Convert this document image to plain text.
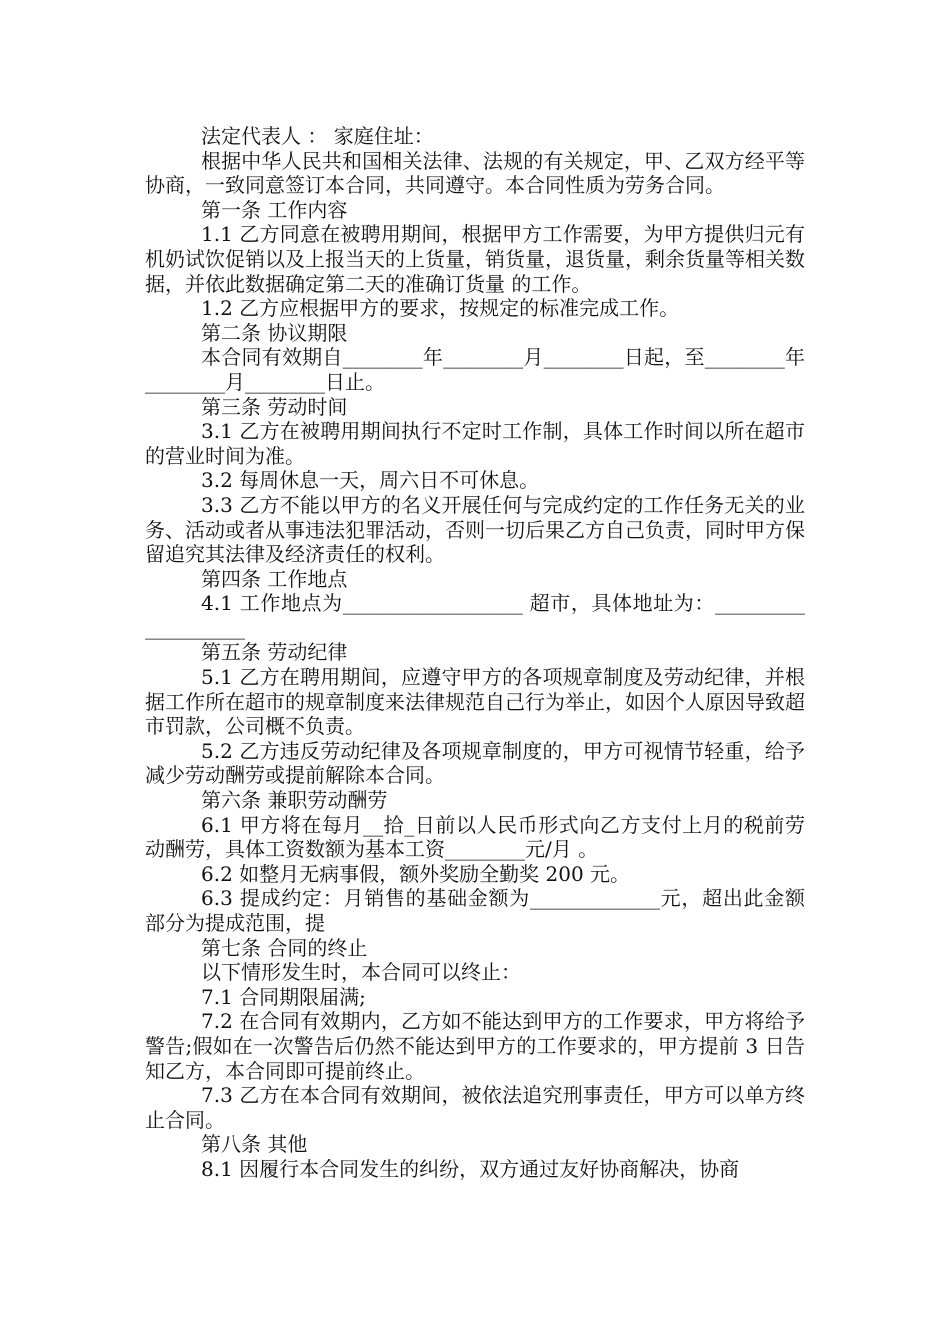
法定代表人 ： 家庭住址：

根据中华人民共和国相关法律、法规的有关规定，甲、乙双方经平等协商，一致同意签订本合同，共同遵守。本合同性质为劳务合同。

第一条 工作内容

1.1 乙方同意在被聘用期间，根据甲方工作需要，为甲方提供归元有机奶试饮促销以及上报当天的上货量，销货量，退货量，剩余货量等相关数据，并依此数据确定第二天的准确订货量 的工作。

1.2 乙方应根据甲方的要求，按规定的标准完成工作。

第二条 协议期限

本合同有效期自________年________月________日起，至________年________月________日止。

第三条 劳动时间

3.1 乙方在被聘用期间执行不定时工作制，具体工作时间以所在超市的营业时间为准。

3.2 每周休息一天，周六日不可休息。

3.3 乙方不能以甲方的名义开展任何与完成约定的工作任务无关的业务、活动或者从事违法犯罪活动，否则一切后果乙方自己负责，同时甲方保留追究其法律及经济责任的权利。

第四条 工作地点

4.1 工作地点为__________________ 超市，具体地址为：___________________

第五条 劳动纪律

5.1 乙方在聘用期间，应遵守甲方的各项规章制度及劳动纪律，并根据工作所在超市的规章制度来法律规范自己行为举止，如因个人原因导致超市罚款，公司概不负责。

5.2 乙方违反劳动纪律及各项规章制度的，甲方可视情节轻重，给予减少劳动酬劳或提前解除本合同。

第六条 兼职劳动酬劳

6.1 甲方将在每月__拾_日前以人民币形式向乙方支付上月的税前劳动酬劳，具体工资数额为基本工资________元/月 。

6.2 如整月无病事假，额外奖励全勤奖 200 元。

6.3 提成约定：月销售的基础金额为_____________元，超出此金额部分为提成范围，提

第七条 合同的终止

以下情形发生时，本合同可以终止：

7.1 合同期限届满;

7.2 在合同有效期内，乙方如不能达到甲方的工作要求，甲方将给予警告;假如在一次警告后仍然不能达到甲方的工作要求的，甲方提前 3 日告知乙方，本合同即可提前终止。

7.3 乙方在本合同有效期间，被依法追究刑事责任，甲方可以单方终止合同。

第八条 其他

8.1 因履行本合同发生的纠纷，双方通过友好协商解决，协商
